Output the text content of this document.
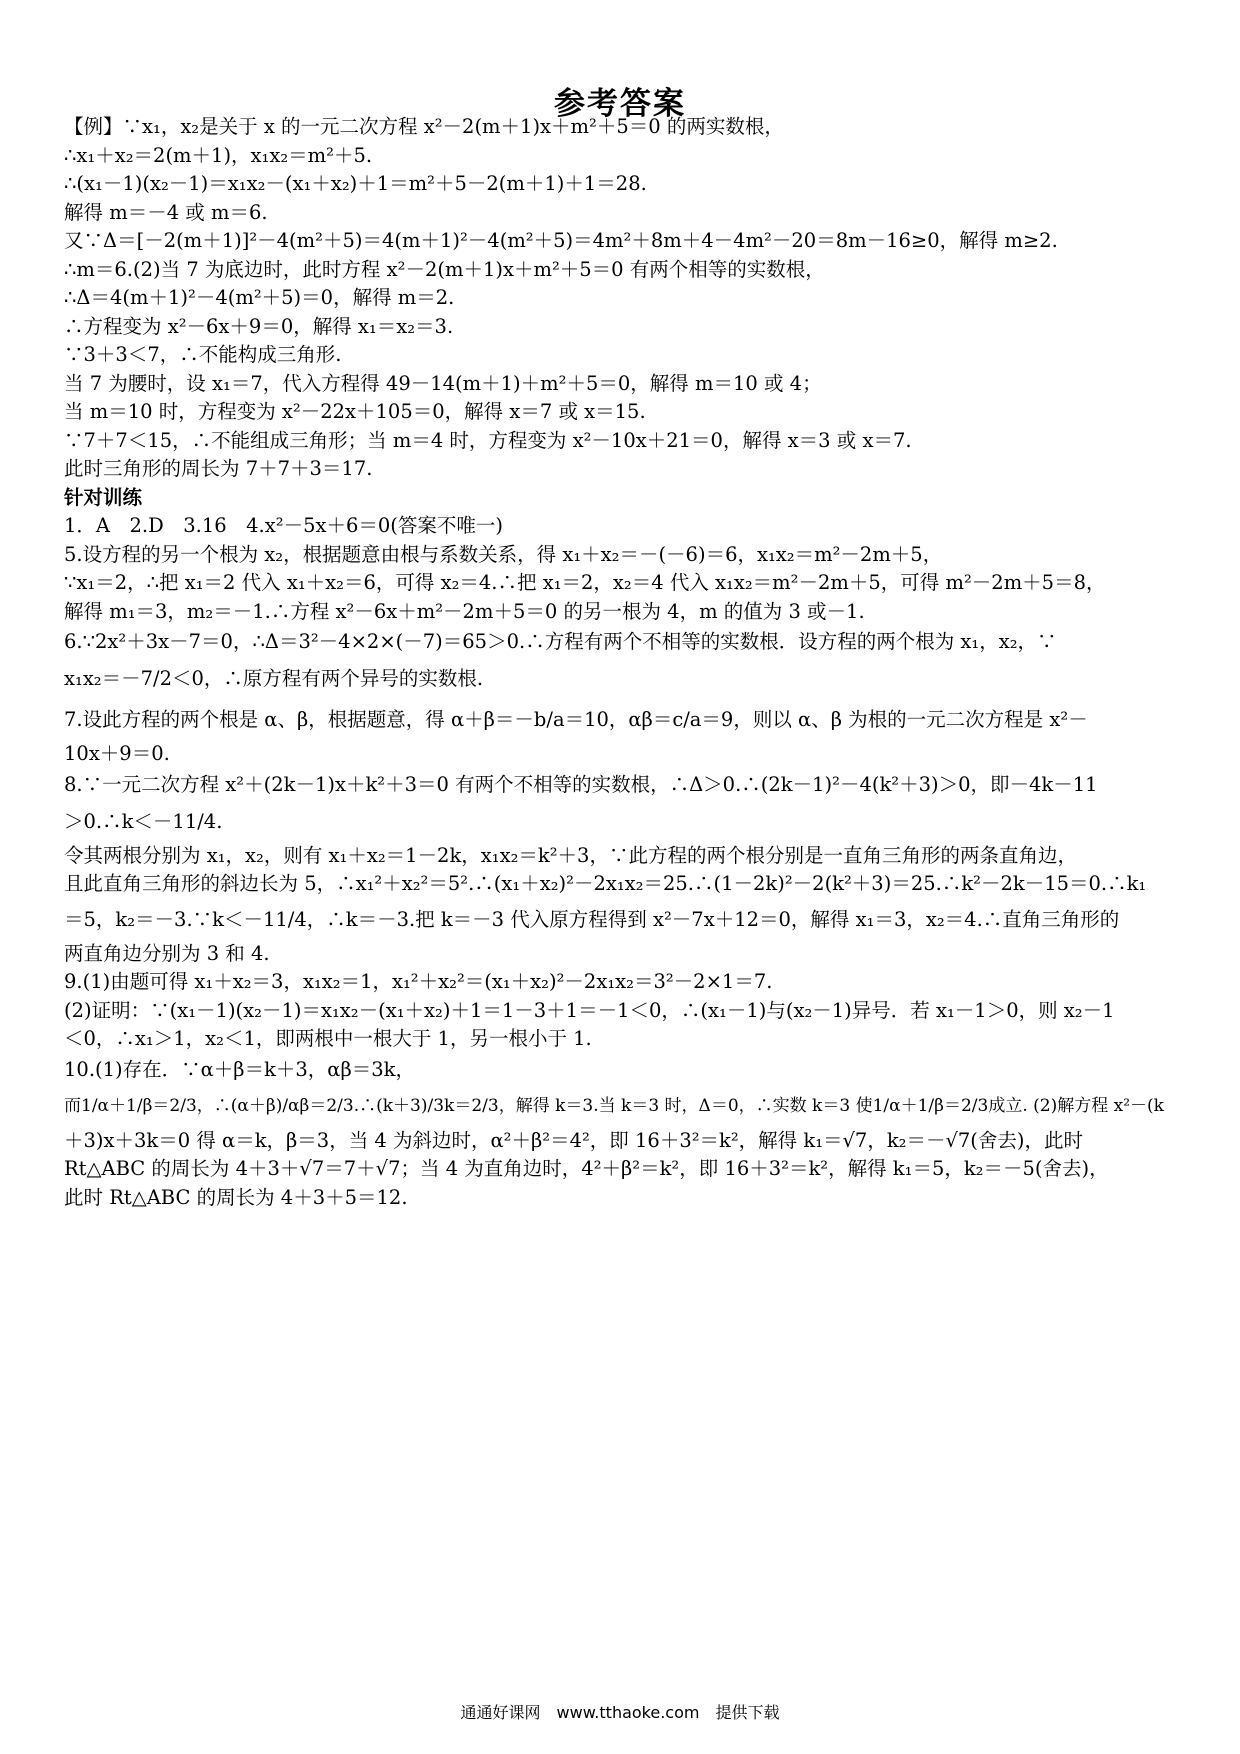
参考答案
【例】∵x₁，x₂是关于 x 的一元二次方程 x²－2(m＋1)x＋m²＋5＝0 的两实数根，
∴x₁＋x₂＝2(m＋1)，x₁x₂＝m²＋5.
∴(x₁－1)(x₂－1)＝x₁x₂－(x₁＋x₂)＋1＝m²＋5－2(m＋1)＋1＝28.
解得 m＝－4 或 m＝6.
又∵Δ＝[－2(m＋1)]²－4(m²＋5)＝4(m＋1)²－4(m²＋5)＝4m²＋8m＋4－4m²－20＝8m－16≥0，解得 m≥2.
∴m＝6.(2)当 7 为底边时，此时方程 x²－2(m＋1)x＋m²＋5＝0 有两个相等的实数根，
∴Δ＝4(m＋1)²－4(m²＋5)＝0，解得 m＝2.
∴方程变为 x²－6x＋9＝0，解得 x₁＝x₂＝3.
∵3＋3＜7，∴不能构成三角形.
当 7 为腰时，设 x₁＝7，代入方程得 49－14(m＋1)＋m²＋5＝0，解得 m＝10 或 4；
当 m＝10 时，方程变为 x²－22x＋105＝0，解得 x＝7 或 x＝15.
∵7＋7＜15，∴不能组成三角形；当 m＝4 时，方程变为 x²－10x＋21＝0，解得 x＝3 或 x＝7.
此时三角形的周长为 7＋7＋3＝17.
针对训练
1．A　2.D　3.16　4.x²－5x＋6＝0(答案不唯一)
5.设方程的另一个根为 x₂，根据题意由根与系数关系，得 x₁＋x₂＝－(－6)＝6，x₁x₂＝m²－2m＋5，
∵x₁＝2，∴把 x₁＝2 代入 x₁＋x₂＝6，可得 x₂＝4.∴把 x₁＝2，x₂＝4 代入 x₁x₂＝m²－2m＋5，可得 m²－2m＋5＝8，
解得 m₁＝3，m₂＝－1.∴方程 x²－6x＋m²－2m＋5＝0 的另一根为 4，m 的值为 3 或－1.
6.∵2x²＋3x－7＝0，∴Δ＝3²－4×2×(－7)＝65＞0.∴方程有两个不相等的实数根．设方程的两个根为 x₁，x₂，∵
x₁x₂＝－7/2＜0，∴原方程有两个异号的实数根.
7.设此方程的两个根是 α、β，根据题意，得 α＋β＝－b/a＝10，αβ＝c/a＝9，则以 α、β 为根的一元二次方程是 x²－
10x＋9＝0.
8.∵一元二次方程 x²＋(2k－1)x＋k²＋3＝0 有两个不相等的实数根，∴Δ＞0.∴(2k－1)²－4(k²＋3)＞0，即－4k－11
＞0.∴k＜－11/4.
令其两根分别为 x₁，x₂，则有 x₁＋x₂＝1－2k，x₁x₂＝k²＋3，∵此方程的两个根分别是一直角三角形的两条直角边，
且此直角三角形的斜边长为 5，∴x₁²＋x₂²＝5².∴(x₁＋x₂)²－2x₁x₂＝25.∴(1－2k)²－2(k²＋3)＝25.∴k²－2k－15＝0.∴k₁
＝5，k₂＝－3.∵k＜－11/4，∴k＝－3.把 k＝－3 代入原方程得到 x²－7x＋12＝0，解得 x₁＝3，x₂＝4.∴直角三角形的
两直角边分别为 3 和 4.
9.(1)由题可得 x₁＋x₂＝3，x₁x₂＝1，x₁²＋x₂²＝(x₁＋x₂)²－2x₁x₂＝3²－2×1＝7.
(2)证明：∵(x₁－1)(x₂－1)＝x₁x₂－(x₁＋x₂)＋1＝1－3＋1＝－1＜0，∴(x₁－1)与(x₂－1)异号．若 x₁－1＞0，则 x₂－1
＜0，∴x₁＞1，x₂＜1，即两根中一根大于 1，另一根小于 1.
10.(1)存在．∵α＋β＝k＋3，αβ＝3k，
而1/α＋1/β＝2/3，∴(α＋β)/αβ＝2/3.∴(k＋3)/3k＝2/3，解得 k＝3.当 k＝3 时，Δ＝0，∴实数 k＝3 使1/α＋1/β＝2/3成立. (2)解方程 x²－(k
＋3)x＋3k＝0 得 α＝k，β＝3，当 4 为斜边时，α²＋β²＝4²，即 16＋3²＝k²，解得 k₁＝√7，k₂＝－√7(舍去)，此时
Rt△ABC 的周长为 4＋3＋√7＝7＋√7；当 4 为直角边时，4²＋β²＝k²，即 16＋3²＝k²，解得 k₁＝5，k₂＝－5(舍去)，
此时 Rt△ABC 的周长为 4＋3＋5＝12.
通通好课网　www.tthaoke.com　提供下载
